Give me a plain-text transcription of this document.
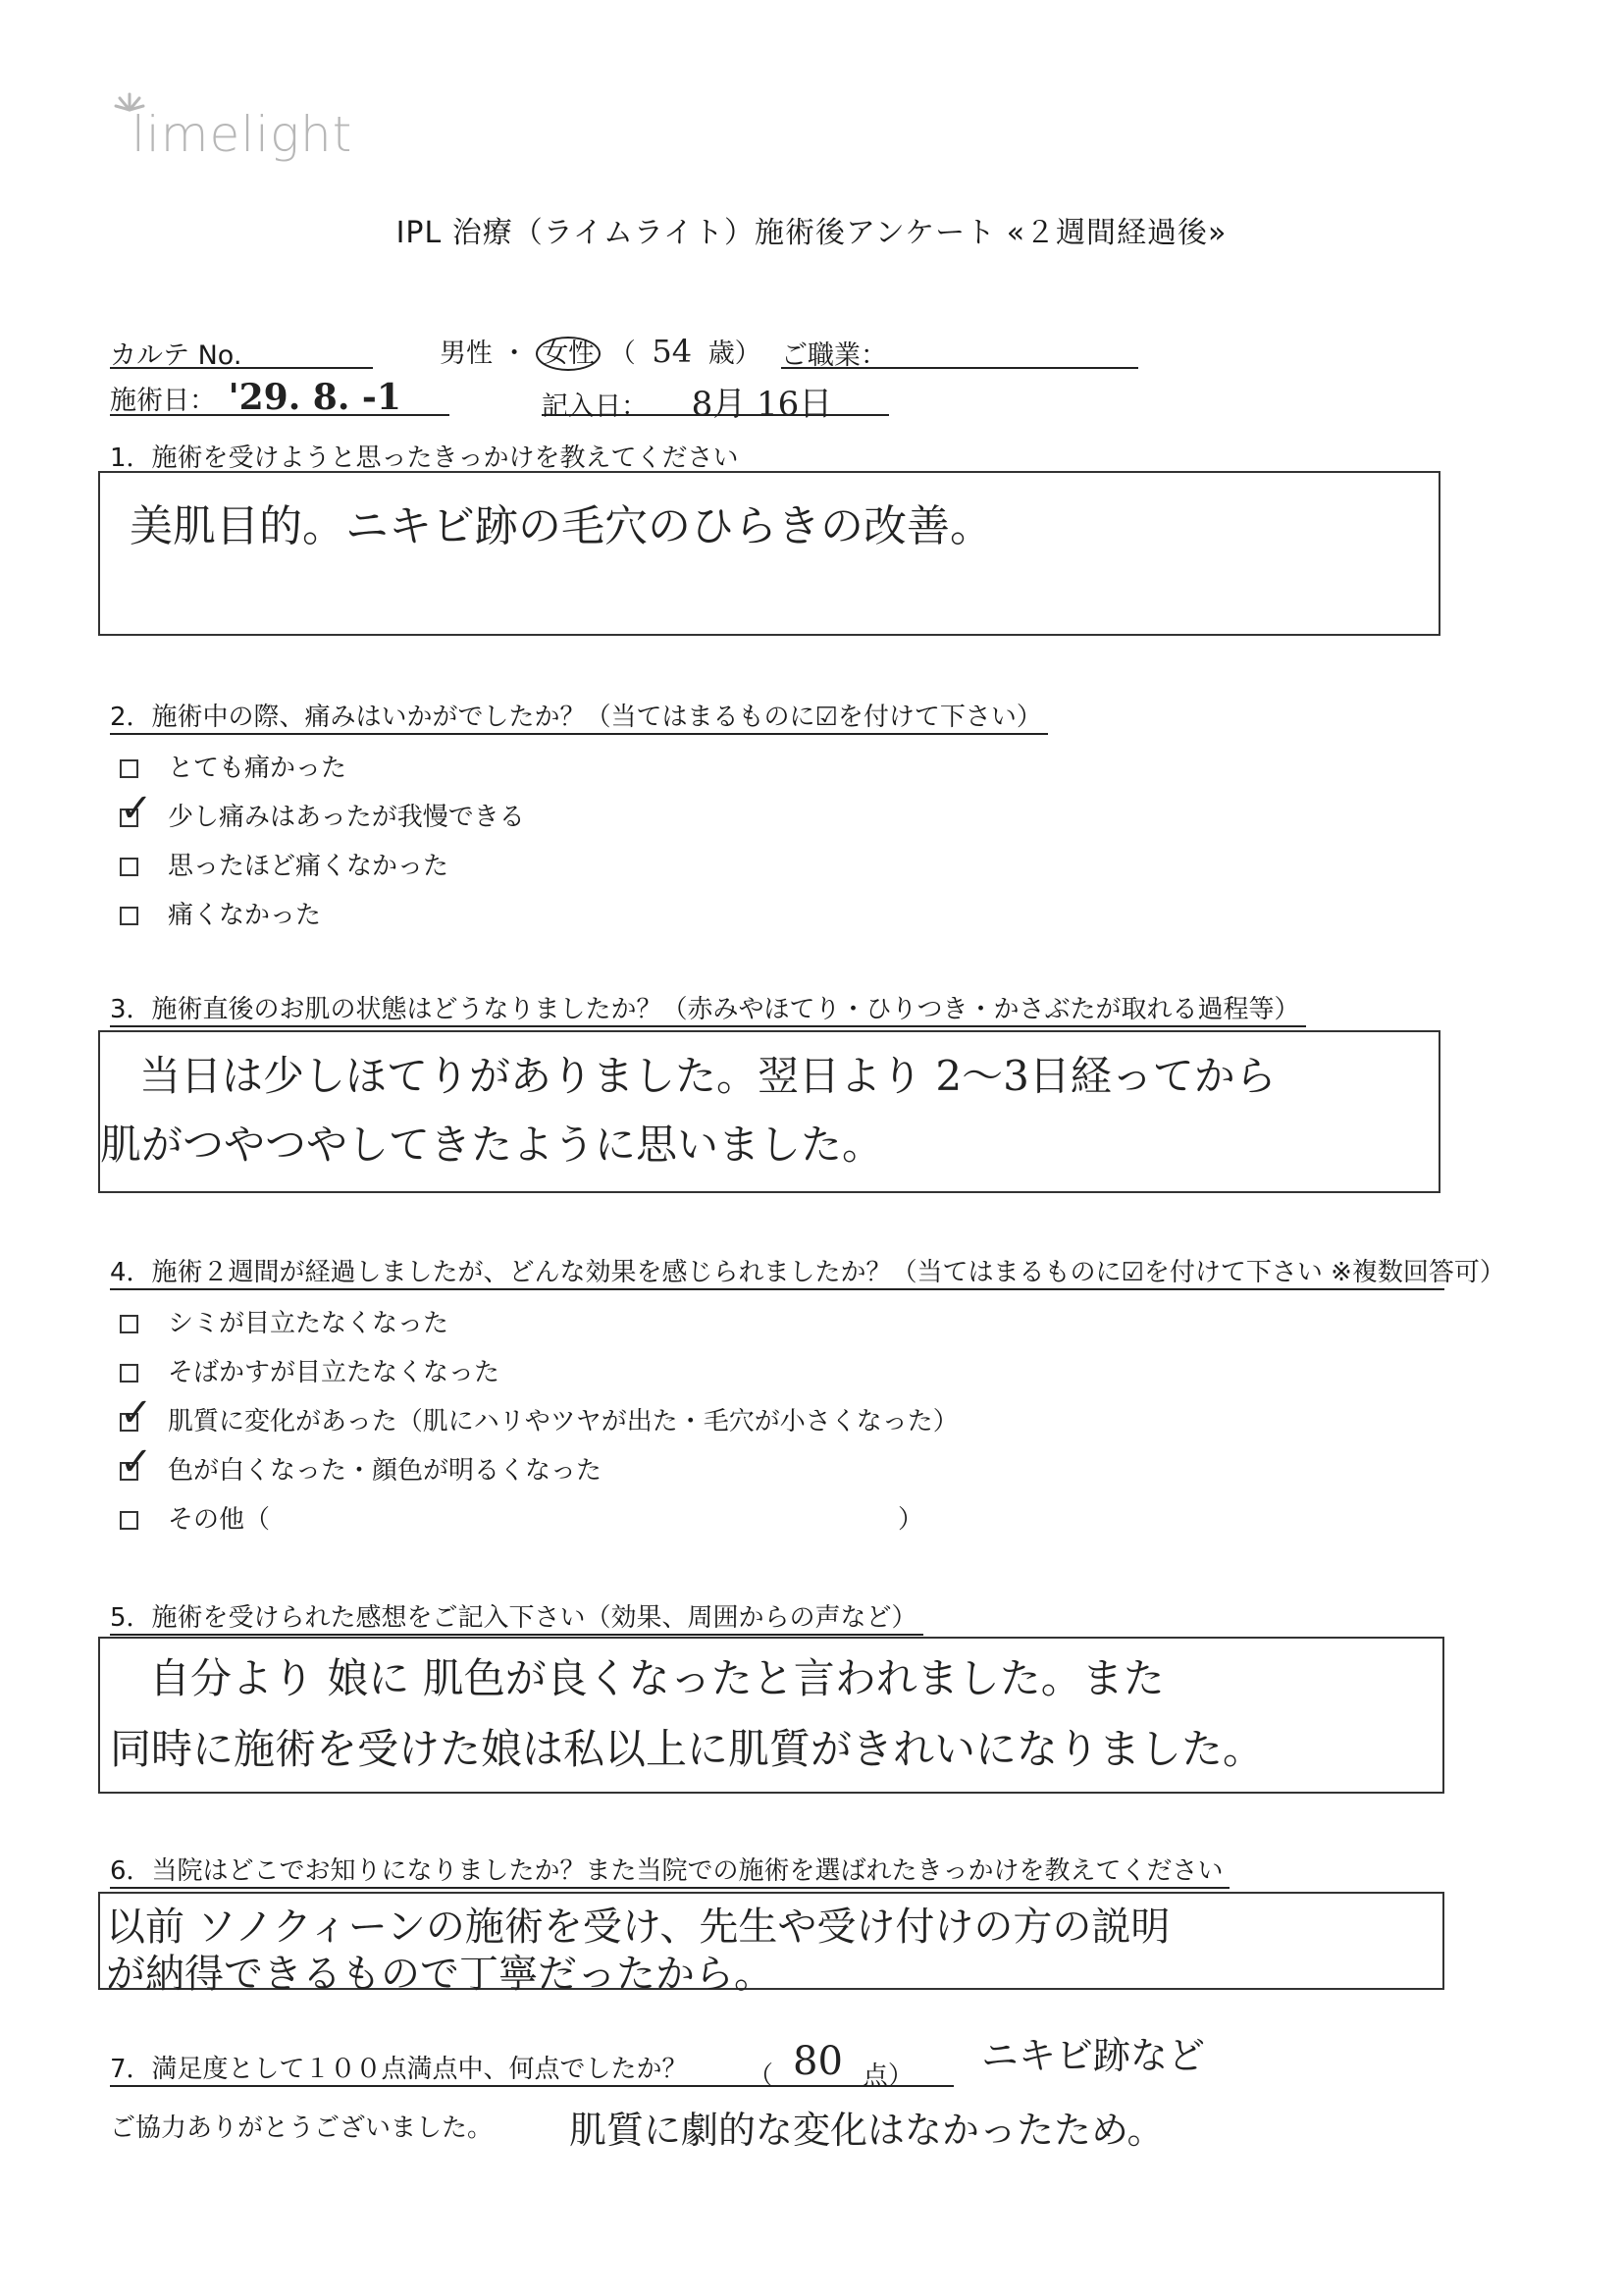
limelight
IPL 治療（ライムライト）施術後アンケート «２週間経過後»
カルテ No.	男性 ・ 女性 （ 54 歳） ご職業：
施術日： '29. 8. -1	記入日： 8月 16日
1．施術を受けようと思ったきっかけを教えてください
美肌目的。ニキビ跡の毛穴のひらきの改善。
2．施術中の際、痛みはいかがでしたか？（当てはまるものに☑を付けて下さい）
とても痛かった
✓ 少し痛みはあったが我慢できる
思ったほど痛くなかった
痛くなかった
3．施術直後のお肌の状態はどうなりましたか？（赤みやほてり・ひりつき・かさぶたが取れる過程等）
当日は少しほてりがありました。翌日より 2～3日経ってから
肌がつやつやしてきたように思いました。
4．施術２週間が経過しましたが、どんな効果を感じられましたか？（当てはまるものに☑を付けて下さい ※複数回答可）
シミが目立たなくなった
そばかすが目立たなくなった
✓ 肌質に変化があった（肌にハリやツヤが出た・毛穴が小さくなった）
✓ 色が白くなった・顔色が明るくなった
その他（	）
5．施術を受けられた感想をご記入下さい（効果、周囲からの声など）
自分より 娘に 肌色が良くなったと言われました。また
同時に施術を受けた娘は私以上に肌質がきれいになりました。
6．当院はどこでお知りになりましたか？また当院での施術を選ばれたきっかけを教えてください
以前 ソノクィーンの施術を受け、先生や受け付けの方の説明
が納得できるもので丁寧だったから。
7．満足度として１００点満点中、何点でしたか？ （ 80 点） ニキビ跡など
肌質に劇的な変化はなかったため。
ご協力ありがとうございました。
